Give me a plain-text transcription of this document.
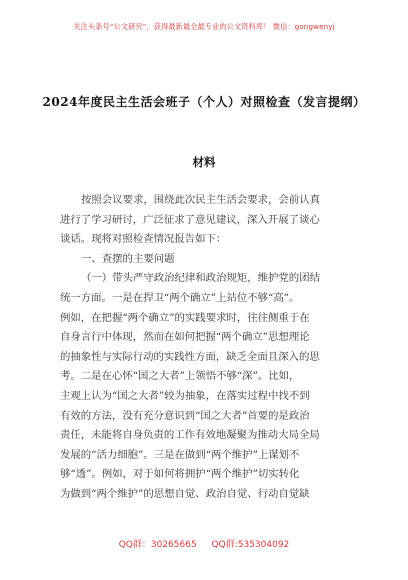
关注头条号“公文研究”，获得最新最全最专业的公文资料库！ 微信：gongwenyj
2024年度民主生活会班子（个人）对照检查（发言提纲）
材料
按照会议要求，围绕此次民主生活会要求，会前认真
进行了学习研讨，广泛征求了意见建议，深入开展了谈心
谈话。现将对照检查情况报告如下：
一、查摆的主要问题
（一）带头严守政治纪律和政治规矩，维护党的团结
统一方面。一是在捍卫“两个确立”上站位不够“高”。
例如，在把握“两个确立”的实践要求时，往往侧重于在
自身言行中体现，然而在如何把握“两个确立”思想理论
的抽象性与实际行动的实践性方面，缺乏全面且深入的思
考。二是在心怀“国之大者”上领悟不够“深”。比如，
主观上认为“国之大者”较为抽象，在落实过程中找不到
有效的方法，没有充分意识到“国之大者”首要的是政治
责任，未能将自身负责的工作有效地凝聚为推动大局全局
发展的“活力细胞”。三是在做到“两个维护”上谋划不
够“透”。例如，对于如何将拥护“两个维护”切实转化
为做到“两个维护”的思想自觉、政治自觉、行动自觉缺
QQ群：30265665 QQ群:535304092
